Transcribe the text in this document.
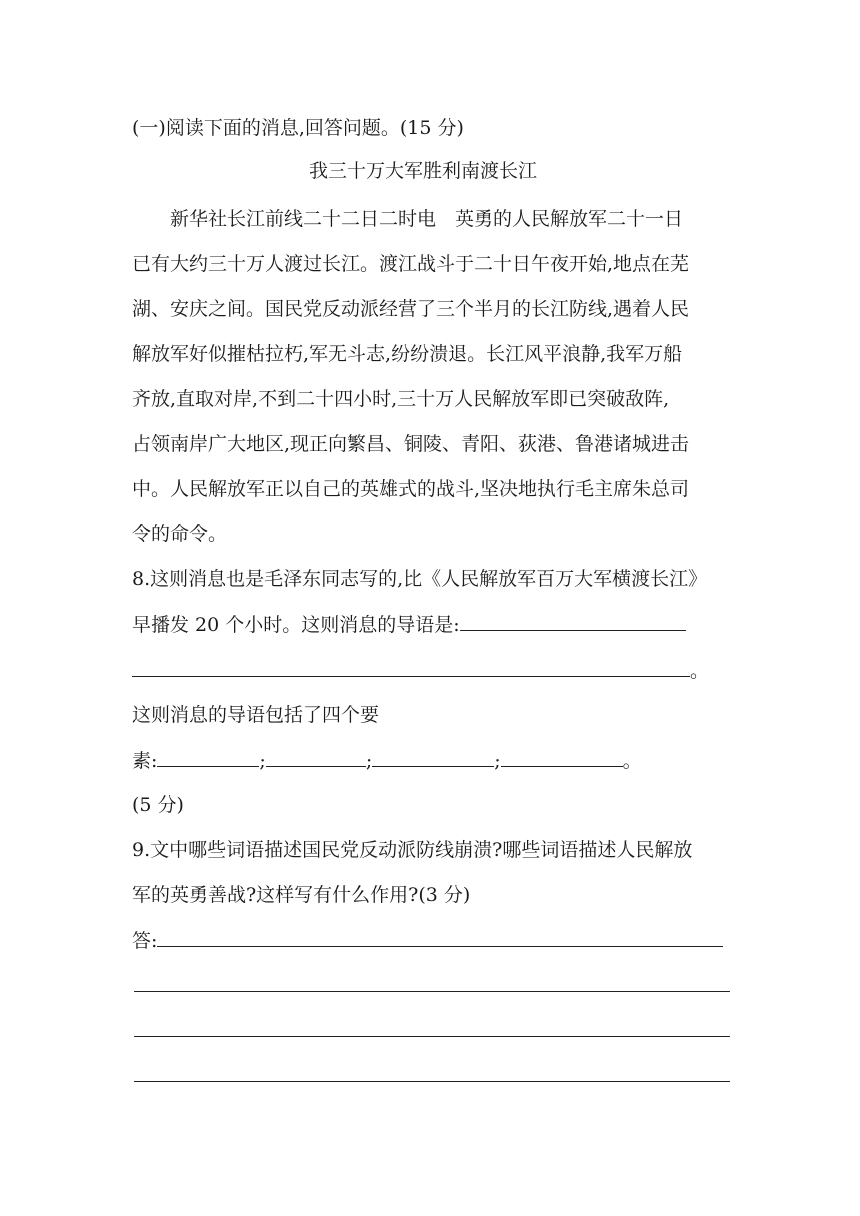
(一)阅读下面的消息,回答问题。(15 分)
我三十万大军胜利南渡长江
新华社长江前线二十二日二时电　英勇的人民解放军二十一日
已有大约三十万人渡过长江。渡江战斗于二十日午夜开始,地点在芜
湖、安庆之间。国民党反动派经营了三个半月的长江防线,遇着人民
解放军好似摧枯拉朽,军无斗志,纷纷溃退。长江风平浪静,我军万船
齐放,直取对岸,不到二十四小时,三十万人民解放军即已突破敌阵,
占领南岸广大地区,现正向繁昌、铜陵、青阳、荻港、鲁港诸城进击
中。人民解放军正以自己的英雄式的战斗,坚决地执行毛主席朱总司
令的命令。
8.这则消息也是毛泽东同志写的,比《人民解放军百万大军横渡长江》
早播发 20 个小时。这则消息的导语是:
。
这则消息的导语包括了四个要
素:	;	;	;	。
(5 分)
9.文中哪些词语描述国民党反动派防线崩溃?哪些词语描述人民解放
军的英勇善战?这样写有什么作用?(3 分)
答:
